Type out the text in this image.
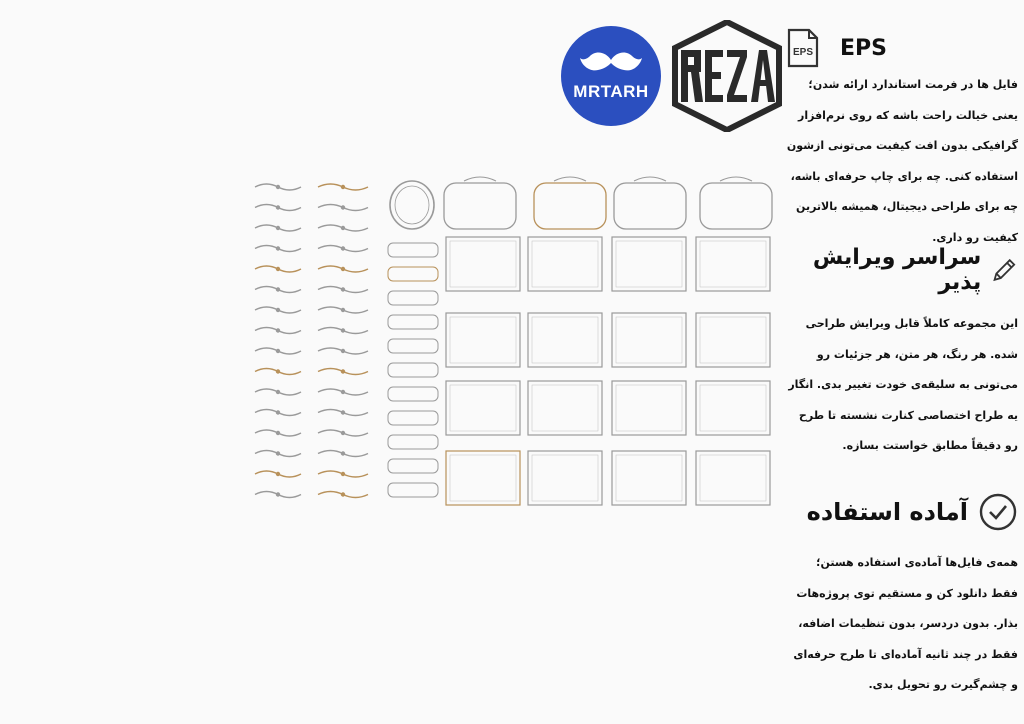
MRTARH
EPS EPS

فایل ها در فرمت استاندارد ارائه شدن؛ یعنی خیالت راحت باشه که روی نرم‌افزار گرافیکی بدون افت کیفیت می‌تونی ازشون استفاده کنی. چه برای چاپ حرفه‌ای باشه، چه برای طراحی دیجیتال، همیشه بالاترین کیفیت رو داری.

سراسر ویرایش پذیر

این مجموعه کاملاً قابل ویرایش طراحی شده. هر رنگ، هر متن، هر جزئیات رو می‌تونی به سلیقه‌ی خودت تغییر بدی. انگار یه طراح اختصاصی کنارت نشسته تا طرح رو دقیقاً مطابق خواستت بسازه.

آماده استفاده

همه‌ی فایل‌ها آماده‌ی استفاده هستن؛ فقط دانلود کن و مستقیم توی پروژه‌هات بذار. بدون دردسر، بدون تنظیمات اضافه، فقط در چند ثانیه آماده‌ای تا طرح حرفه‌ای و چشم‌گیرت رو تحویل بدی.
